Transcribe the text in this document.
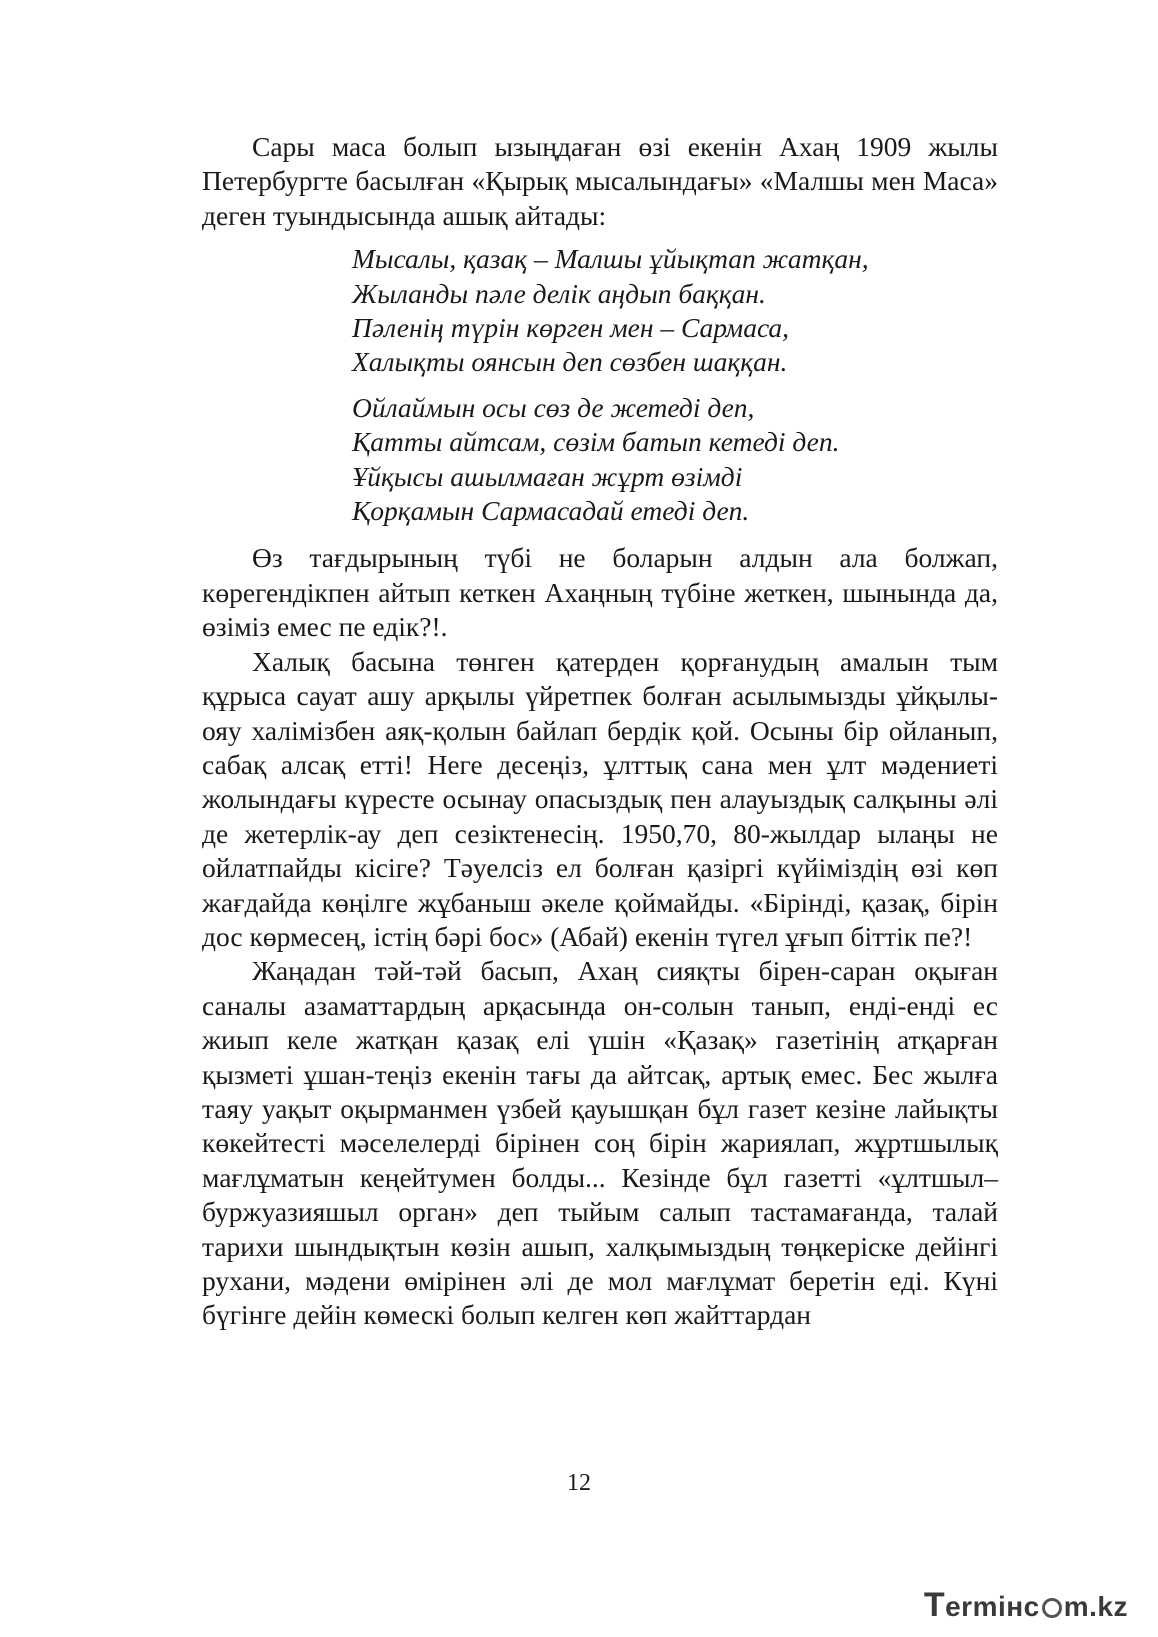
Сары маса болып ызыңдаған өзі екенін Ахаң 1909 жылы Петербургте басылған «Қырық мысалындағы» «Малшы мен Маса» деген туындысында ашық айтады:

Мысалы, қазақ – Малшы ұйықтап жатқан,
Жыланды пәле делік аңдып баққан.
Пәленің түрін көрген мен – Сармаса,
Халықты оянсын деп сөзбен шаққан.
Ойлаймын осы сөз де жетеді деп,
Қатты айтсам, сөзім батып кетеді деп.
Ұйқысы ашылмаған жұрт өзімді
Қорқамын Сармасадай етеді деп.

Өз тағдырының түбі не боларын алдын ала болжап, көрегендікпен айтып кеткен Ахаңның түбіне жеткен, шынында да, өзіміз емес пе едік?!.

Халық басына төнген қатерден қорғанудың амалын тым құрыса сауат ашу арқылы үйретпек болған асылымызды ұйқылы-ояу халімізбен аяқ-қолын байлап бердік қой. Осыны бір ойланып, сабақ алсақ етті! Неге десеңіз, ұлттық сана мен ұлт мәдениеті жолындағы күресте осынау опасыздық пен алауыздық салқыны әлі де жетерлік-ау деп сезіктенесің. 1950,70, 80-жылдар ылаңы не ойлатпайды кісіге? Тәуелсіз ел болған қазіргі күйіміздің өзі көп жағдайда көңілге жұбаныш әкеле қоймайды. «Бірінді, қазақ, бірін дос көрмесең, істің бәрі бос» (Абай) екенін түгел ұғып біттік пе?!

Жаңадан тәй-тәй басып, Ахаң сияқты бірен-саран оқыған саналы азаматтардың арқасында он-солын танып, енді-енді ес жиып келе жатқан қазақ елі үшін «Қазақ» газетінің атқарған қызметі ұшан-теңіз екенін тағы да айтсақ, артық емес. Бес жылға таяу уақыт оқырманмен үзбей қауышқан бұл газет кезіне лайықты көкейтесті мәселелерді бірінен соң бірін жариялап, жұртшылық мағлұматын кеңейтумен болды... Кезінде бұл газетті «ұлтшыл–буржуазияшыл орган» деп тыйым салып тастамағанда, талай тарихи шындықтын көзін ашып, халқымыздың төңкеріске дейінгі рухани, мәдени өмірінен әлі де мол мағлұмат беретін еді. Күні бүгінге дейін көмескі болып келген көп жайттардан

12
Termінc m.kz
